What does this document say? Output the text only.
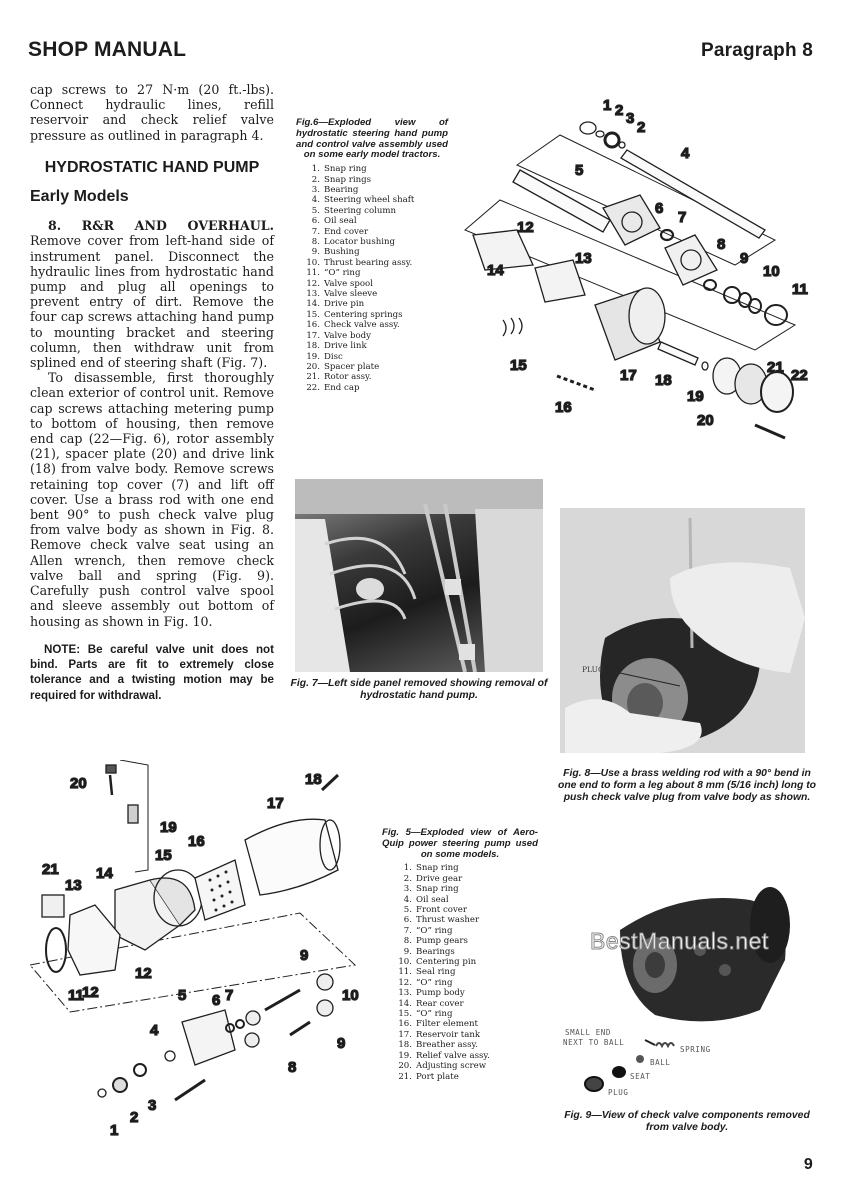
SHOP MANUAL	Paragraph 8

cap screws to 27 N·m (20 ft.-lbs). Connect hydraulic lines, refill reservoir and check relief valve pressure as outlined in paragraph 4.

HYDROSTATIC HAND PUMP
Early Models

8. R&R AND OVERHAUL. Remove cover from left-hand side of instrument panel. Disconnect the hydraulic lines from hydrostatic hand pump and plug all openings to prevent entry of dirt. Remove the four cap screws attaching hand pump to mounting bracket and steering column, then withdraw unit from splined end of steering shaft (Fig. 7).

To disassemble, first thoroughly clean exterior of control unit. Remove cap screws attaching metering pump to bottom of housing, then remove end cap (22—Fig. 6), rotor assembly (21), spacer plate (20) and drive link (18) from valve body. Remove screws retaining top cover (7) and lift off cover. Use a brass rod with one end bent 90° to push check valve plug from valve body as shown in Fig. 8. Remove check valve seat using an Allen wrench, then remove check valve ball and spring (Fig. 9). Carefully push control valve spool and sleeve assembly out bottom of housing as shown in Fig. 10.

NOTE: Be careful valve unit does not bind. Parts are fit to extremely close tolerance and a twisting motion may be required for withdrawal.

Fig.6—Exploded view of hydrostatic steering hand pump and control valve assembly used on some early model tractors.
1. Snap ring
2. Snap rings
3. Bearing
4. Steering wheel shaft
5. Steering column
6. Oil seal
7. End cover
8. Locator bushing
9. Bushing
10. Thrust bearing assy.
11. “O” ring
12. Valve spool
13. Valve sleeve
14. Drive pin
15. Centering springs
16. Check valve assy.
17. Valve body
18. Drive link
19. Disc
20. Spacer plate
21. Rotor assy.
22. End cap
1 2 3
2
4
5
6
7
8
9
10
11
12
13
14
15
16
17 18
19
20
21 22
Fig. 7—Left side panel removed showing removal of hydrostatic hand pump.
PLUG
Fig. 8—Use a brass welding rod with a 90° bend in one end to form a leg about 8 mm (5/16 inch) long to push check valve plug from valve body as shown.
20
19
18
17
16
15
14
13
21
12
11
12
9
10
9
8
7
6
5
4
3
2
1
Fig. 5—Exploded view of Aero-Quip power steering pump used on some models.
1. Snap ring
2. Drive gear
3. Snap ring
4. Oil seal
5. Front cover
6. Thrust washer
7. “O” ring
8. Pump gears
9. Bearings
10. Centering pin
11. Seal ring
12. “O” ring
13. Pump body
14. Rear cover
15. “O” ring
16. Filter element
17. Reservoir tank
18. Breather assy.
19. Relief valve assy.
20. Adjusting screw
21. Port plate
BestManuals.net
SMALL END
NEXT TO BALL
SPRING
BALL
SEAT
PLUG
Fig. 9—View of check valve components removed from valve body.
9
